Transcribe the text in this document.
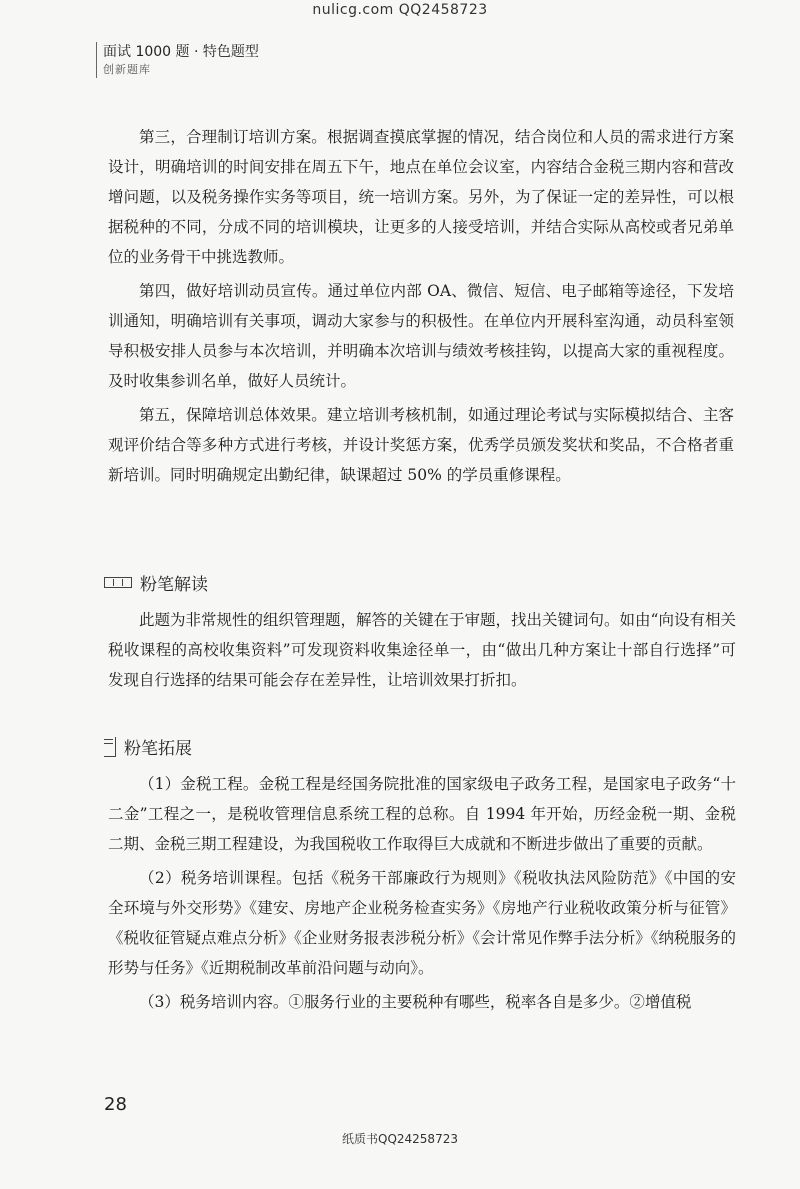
nulicg.com QQ2458723
面试 1000 题 · 特色题型
创新题库

第三，合理制订培训方案。根据调查摸底掌握的情况，结合岗位和人员的需求进行方案设计，明确培训的时间安排在周五下午，地点在单位会议室，内容结合金税三期内容和营改增问题，以及税务操作实务等项目，统一培训方案。另外，为了保证一定的差异性，可以根据税种的不同，分成不同的培训模块，让更多的人接受培训，并结合实际从高校或者兄弟单位的业务骨干中挑选教师。

第四，做好培训动员宣传。通过单位内部 OA、微信、短信、电子邮箱等途径，下发培训通知，明确培训有关事项，调动大家参与的积极性。在单位内开展科室沟通，动员科室领导积极安排人员参与本次培训，并明确本次培训与绩效考核挂钩，以提高大家的重视程度。及时收集参训名单，做好人员统计。

第五，保障培训总体效果。建立培训考核机制，如通过理论考试与实际模拟结合、主客观评价结合等多种方式进行考核，并设计奖惩方案，优秀学员颁发奖状和奖品，不合格者重新培训。同时明确规定出勤纪律，缺课超过 50% 的学员重修课程。

粉笔解读

此题为非常规性的组织管理题，解答的关键在于审题，找出关键词句。如由“向设有相关税收课程的高校收集资料”可发现资料收集途径单一，由“做出几种方案让十部自行选择”可发现自行选择的结果可能会存在差异性，让培训效果打折扣。

粉笔拓展

（1）金税工程。金税工程是经国务院批准的国家级电子政务工程，是国家电子政务“十二金”工程之一，是税收管理信息系统工程的总称。自 1994 年开始，历经金税一期、金税二期、金税三期工程建设，为我国税收工作取得巨大成就和不断进步做出了重要的贡献。

（2）税务培训课程。包括《税务干部廉政行为规则》《税收执法风险防范》《中国的安全环境与外交形势》《建安、房地产企业税务检查实务》《房地产行业税收政策分析与征管》《税收征管疑点难点分析》《企业财务报表涉税分析》《会计常见作弊手法分析》《纳税服务的形势与任务》《近期税制改革前沿问题与动向》。

（3）税务培训内容。①服务行业的主要税种有哪些，税率各自是多少。②增值税

28
纸质书QQ24258723
